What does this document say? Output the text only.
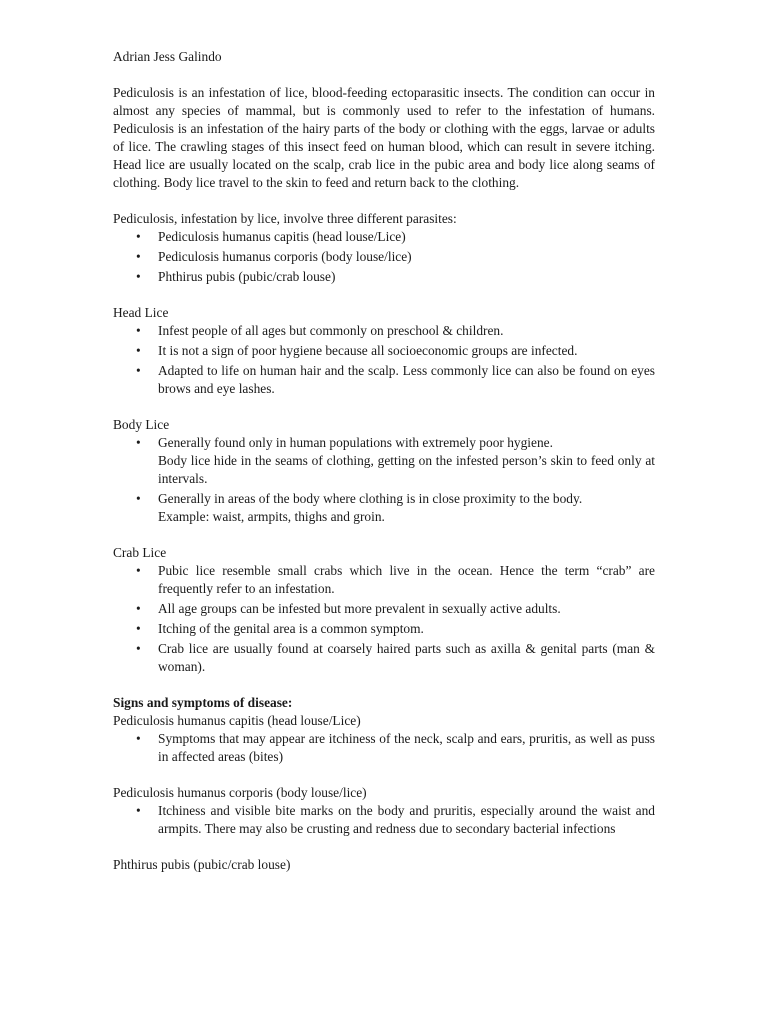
Adrian Jess Galindo

Pediculosis is an infestation of lice, blood-feeding ectoparasitic insects. The condition can occur in almost any species of mammal, but is commonly used to refer to the infestation of humans. Pediculosis is an infestation of the hairy parts of the body or clothing with the eggs, larvae or adults of lice. The crawling stages of this insect feed on human blood, which can result in severe itching. Head lice are usually located on the scalp, crab lice in the pubic area and body lice along seams of clothing. Body lice travel to the skin to feed and return back to the clothing.

Pediculosis, infestation by lice, involve three different parasites:

• Pediculosis humanus capitis (head louse/Lice)
• Pediculosis humanus corporis (body louse/lice)
• Phthirus pubis (pubic/crab louse)

Head Lice

• Infest people of all ages but commonly on preschool & children.
• It is not a sign of poor hygiene because all socioeconomic groups are infected.
• Adapted to life on human hair and the scalp. Less commonly lice can also be found on eyes brows and eye lashes.

Body Lice

• Generally found only in human populations with extremely poor hygiene.
Body lice hide in the seams of clothing, getting on the infested person’s skin to feed only at intervals.
• Generally in areas of the body where clothing is in close proximity to the body.
Example: waist, armpits, thighs and groin.

Crab Lice

• Pubic lice resemble small crabs which live in the ocean. Hence the term “crab” are frequently refer to an infestation.
• All age groups can be infested but more prevalent in sexually active adults.
• Itching of the genital area is a common symptom.
• Crab lice are usually found at coarsely haired parts such as axilla & genital parts (man & woman).

Signs and symptoms of disease:

Pediculosis humanus capitis (head louse/Lice)

• Symptoms that may appear are itchiness of the neck, scalp and ears, pruritis, as well as puss in affected areas (bites)

Pediculosis humanus corporis (body louse/lice)

• Itchiness and visible bite marks on the body and pruritis, especially around the waist and armpits. There may also be crusting and redness due to secondary bacterial infections

Phthirus pubis (pubic/crab louse)
